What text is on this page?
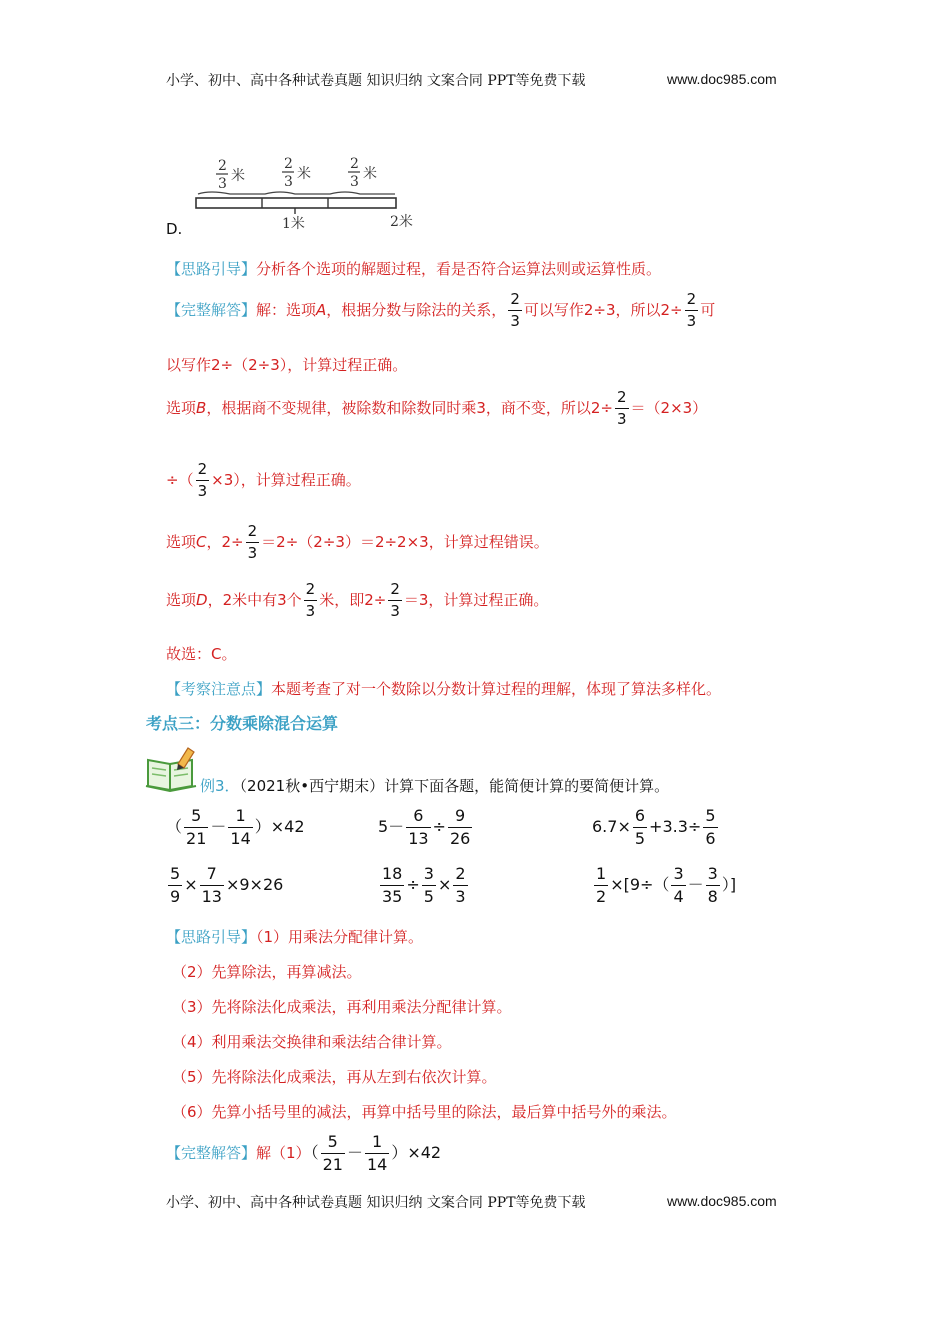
小学、初中、高中各种试卷真题 知识归纳 文案合同 PPT等免费下载	www.doc985.com
2
3 米
2
3 米
2
3 米
1米	2米
D.
【思路引导】分析各个选项的解题过程，看是否符合运算法则或运算性质。
【完整解答】解：选项A，根据分数与除法的关系， $\frac{2}{3}$ 可以写作2÷3，所以$2\div \frac{2}{3}$ 可
以写作2÷（2÷3），计算过程正确。
选项B，根据商不变规律，被除数和除数同时乘3，商不变，所以$2\div \frac{2}{3} =(2\times 3)$
÷（ $\frac{2}{3} \times 3$），计算过程正确。
选项C，$2\div \frac{2}{3} =2\div(2\div 3)=2\div 2\times 3$，计算过程错误。
选项D，2米中有3个 $\frac{2}{3}$ 米，即$2\div \frac{2}{3} =3$，计算过程正确。
故选：C。
【考察注意点】本题考查了对一个数除以分数计算过程的理解，体现了算法多样化。
考点三：分数乘除混合运算
例3．（2021秋•西宁期末）计算下面各题，能简便计算的要简便计算。
（ $\frac{5}{21} - \frac{1}{14} )\times 42$	$5- \frac{6}{13} \div \frac{9}{26}$	$6.7\times \frac{6}{5} +3.3\div \frac{5}{6}$
$\frac{5}{9} \times \frac{7}{13} \times 9\times 26$	$\frac{18}{35} \div \frac{3}{5} \times \frac{2}{3}$	$\frac{1}{2} \times[9\div( \frac{3}{4} - \frac{3}{8}$ ）]
【思路引导】（1）用乘法分配律计算。
（2）先算除法，再算减法。
（3）先将除法化成乘法，再利用乘法分配律计算。
（4）利用乘法交换律和乘法结合律计算。
（5）先将除法化成乘法，再从左到右依次计算。
（6）先算小括号里的减法，再算中括号里的除法，最后算中括号外的乘法。
【完整解答】解$(1)( \frac{5}{21} - \frac{1}{14} )\times 42$
小学、初中、高中各种试卷真题 知识归纳 文案合同 PPT等免费下载	www.doc985.com
